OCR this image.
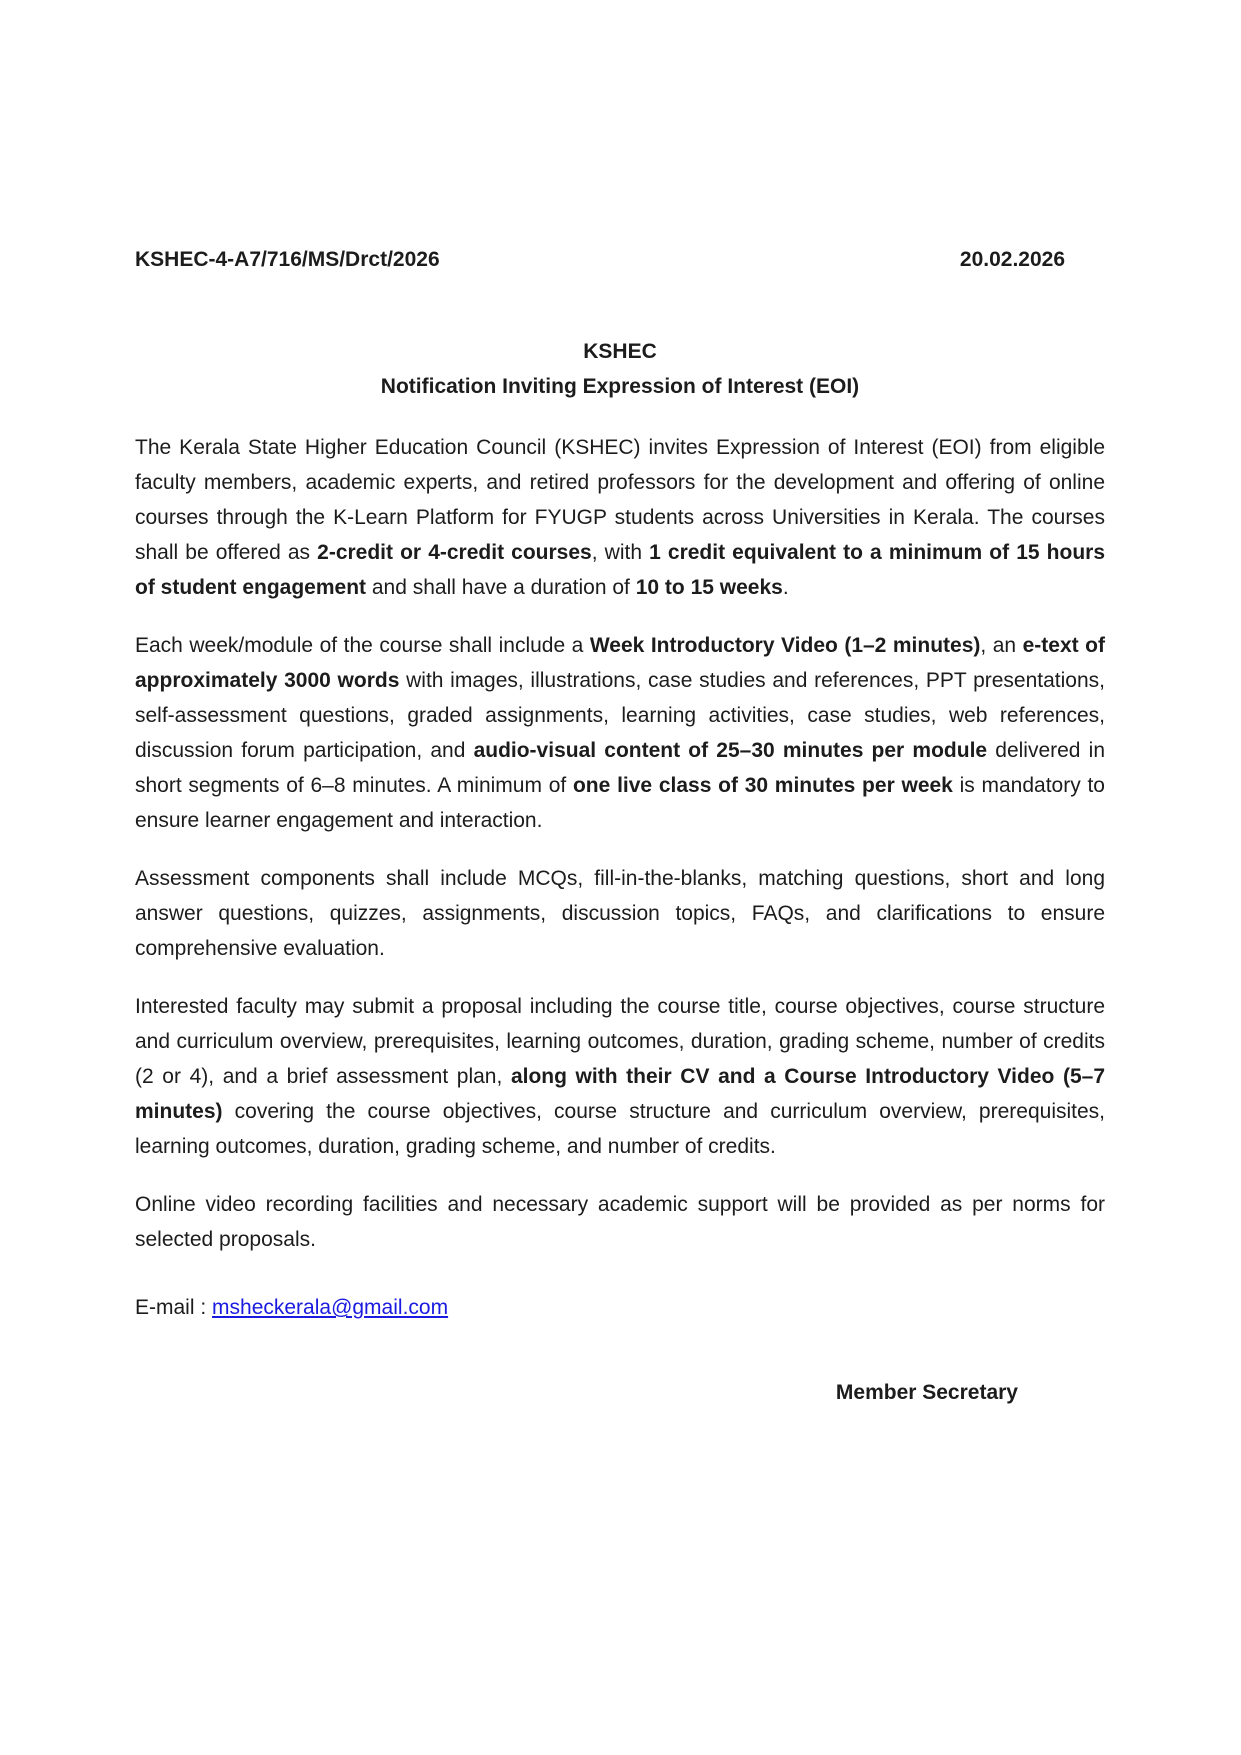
KSHEC-4-A7/716/MS/Drct/2026	20.02.2026
KSHEC
Notification Inviting Expression of Interest (EOI)

The Kerala State Higher Education Council (KSHEC) invites Expression of Interest (EOI) from eligible faculty members, academic experts, and retired professors for the development and offering of online courses through the K-Learn Platform for FYUGP students across Universities in Kerala. The courses shall be offered as 2-credit or 4-credit courses, with 1 credit equivalent to a minimum of 15 hours of student engagement and shall have a duration of 10 to 15 weeks.

Each week/module of the course shall include a Week Introductory Video (1–2 minutes), an e-text of approximately 3000 words with images, illustrations, case studies and references, PPT presentations, self-assessment questions, graded assignments, learning activities, case studies, web references, discussion forum participation, and audio-visual content of 25–30 minutes per module delivered in short segments of 6–8 minutes. A minimum of one live class of 30 minutes per week is mandatory to ensure learner engagement and interaction.

Assessment components shall include MCQs, fill-in-the-blanks, matching questions, short and long answer questions, quizzes, assignments, discussion topics, FAQs, and clarifications to ensure comprehensive evaluation.

Interested faculty may submit a proposal including the course title, course objectives, course structure and curriculum overview, prerequisites, learning outcomes, duration, grading scheme, number of credits (2 or 4), and a brief assessment plan, along with their CV and a Course Introductory Video (5–7 minutes) covering the course objectives, course structure and curriculum overview, prerequisites, learning outcomes, duration, grading scheme, and number of credits.

Online video recording facilities and necessary academic support will be provided as per norms for selected proposals.

E-mail : msheckerala@gmail.com
Member Secretary
